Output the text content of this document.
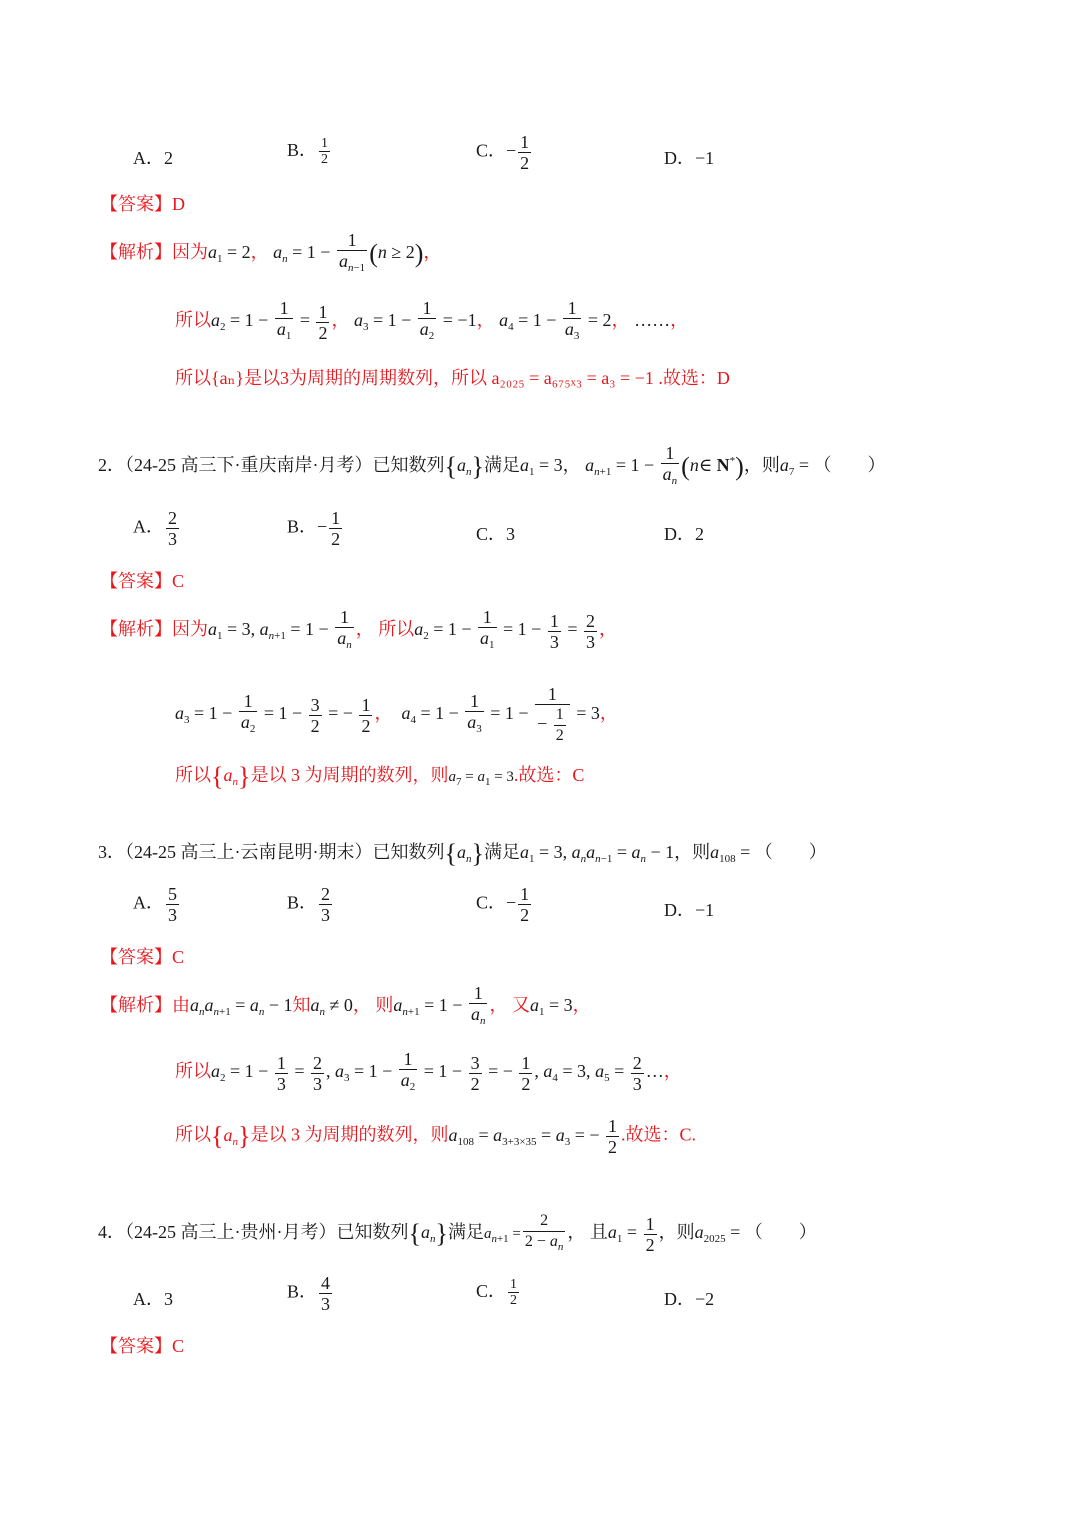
A．2	B． $\frac{1}{2}$	C．− $\frac{1}{2}$	D．−1
【答案】D
【解析】因为$a_1 = 2$， $a_n = 1 - \frac{1}{a_{n-1}} (n \ge 2)$，
所以$a_2 = 1 - \frac{1}{a_1} = \frac{1}{2}$ ， $a_3 = 1 - \frac{1}{a_2} = -1$， $a_4 = 1 - \frac{1}{a_3} = 2$， ……，
所以{aₙ}是以3为周期的周期数列，所以 a₂₀₂₅ = a₆₇₅ₓ₃ = a₃ = −1 .故选：D
2．（24-25 高三下·重庆南岸·月考）已知数列$\{a_n\}$满足$a_1 = 3$， $a_{n+1} = 1 - \frac{1}{a_n}$ (n∈ N*)，则$a_7$ = （　　）
A． $\frac{2}{3}$	B．− $\frac{1}{2}$	C．3	D．2
【答案】C
【解析】因为$a_1 = 3$, $a_{n+1} = 1 - \frac{1}{a_n}$ ， 所以$a_2 = 1 - \frac{1}{a_1} = 1 - \frac{1}{3} = \frac{2}{3}$ ，
$a_3 = 1 - \frac{1}{a_2} = 1 - \frac{3}{2}$ = − $\frac{1}{2}$ ，  $a_4 = 1 - \frac{1}{a_3} = 1 - \frac{1}{- \frac{1}{2}} = 3$，
所以$\{a_n\}$是以 3 为周期的数列，则$a_7 = a_1 = 3$.故选：C
3．（24-25 高三上·云南昆明·期末）已知数列$\{a_n\}$满足$a_1 = 3$, $a_na_{n-1} = a_n - 1$，则$a_{108}$ = （　　）
A． $\frac{5}{3}$	B． $\frac{2}{3}$	C．− $\frac{1}{2}$	D．−1
【答案】C
【解析】由$a_na_{n+1} = a_n - 1$知$a_n \ne 0$， 则$a_{n+1} = 1 - \frac{1}{a_n}$ ， 又$a_1 = 3$，
所以$a_2 = 1 - \frac{1}{3} = \frac{2}{3}$ , $a_3 = 1 - \frac{1}{a_2} = 1 - \frac{3}{2}$ = − $\frac{1}{2}$ , $a_4 = 3$, $a_5 = \frac{2}{3}$ …，
所以$\{a_n\}$是以 3 为周期的数列，则$a_{108} = a_{3+3\times 35} = a_3$ = − $\frac{1}{2}$ .故选：C.
4．（24-25 高三上·贵州·月考）已知数列$\{a_n\}$满足$a_{n+1} = \frac{2}{2 - a_n}$ ， 且$a_1 = \frac{1}{2}$ ，则$a_{2025}$ = （　　）
A．3	B． $\frac{4}{3}$	C． $\frac{1}{2}$	D．−2
【答案】C
